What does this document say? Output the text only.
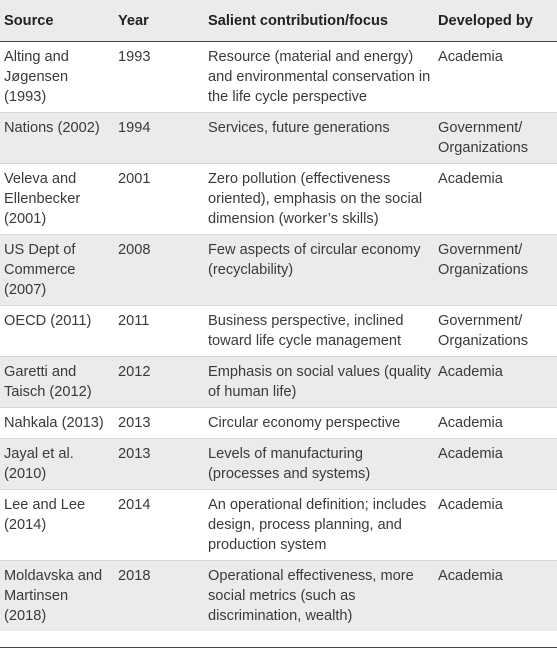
Source	Year	Salient contribution/focus	Developed by
Alting and Jøgensen (1993)	1993	Resource (material and energy) and environmental conservation in the life cycle perspective	Academia
Nations (2002)	1994	Services, future generations	Government/ Organizations
Veleva and Ellenbecker (2001)	2001	Zero pollution (effectiveness oriented), emphasis on the social dimension (worker’s skills)	Academia
US Dept of Commerce (2007)	2008	Few aspects of circular economy (recyclability)	Government/ Organizations
OECD (2011)	2011	Business perspective, inclined toward life cycle management	Government/ Organizations
Garetti and Taisch (2012)	2012	Emphasis on social values (quality of human life)	Academia
Nahkala (2013)	2013	Circular economy perspective	Academia
Jayal et al. (2010)	2013	Levels of manufacturing (processes and systems)	Academia
Lee and Lee (2014)	2014	An operational definition; includes design, process planning, and production system	Academia
Moldavska and Martinsen (2018)	2018	Operational effectiveness, more social metrics (such as discrimination, wealth)	Academia
